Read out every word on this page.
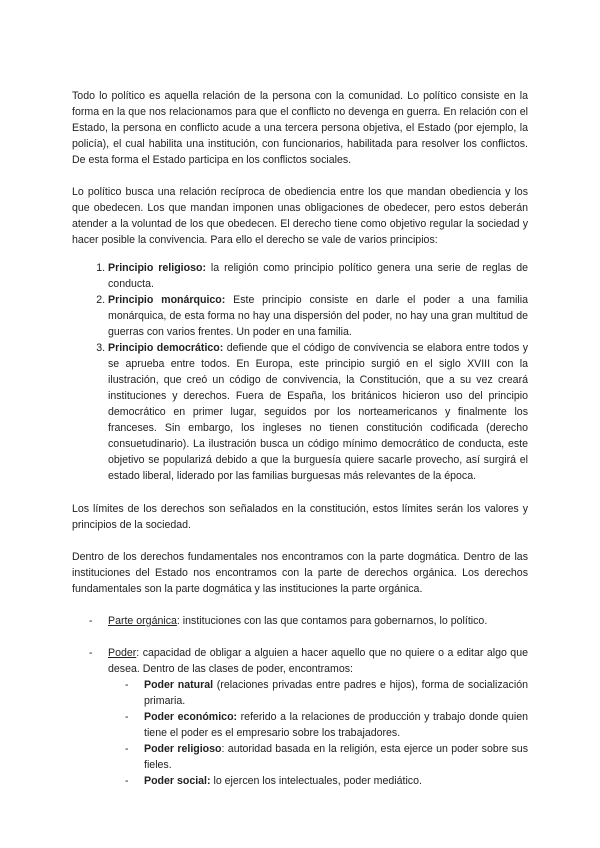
Todo lo político es aquella relación de la persona con la comunidad. Lo político consiste en la forma en la que nos relacionamos para que el conflicto no devenga en guerra. En relación con el Estado, la persona en conflicto acude a una tercera persona objetiva, el Estado (por ejemplo, la policía), el cual habilita una institución, con funcionarios, habilitada para resolver los conflictos. De esta forma el Estado participa en los conflictos sociales.

Lo político busca una relación recíproca de obediencia entre los que mandan obediencia y los que obedecen. Los que mandan imponen unas obligaciones de obedecer, pero estos deberán atender a la voluntad de los que obedecen. El derecho tiene como objetivo regular la sociedad y hacer posible la convivencia. Para ello el derecho se vale de varios principios:

1. Principio religioso: la religión como principio político genera una serie de reglas de conducta.
2. Principio monárquico: Este principio consiste en darle el poder a una familia monárquica, de esta forma no hay una dispersión del poder, no hay una gran multitud de guerras con varios frentes. Un poder en una familia.
3. Principio democrático: defiende que el código de convivencia se elabora entre todos y se aprueba entre todos. En Europa, este principio surgió en el siglo XVIII con la ilustración, que creó un código de convivencia, la Constitución, que a su vez creará instituciones y derechos. Fuera de España, los británicos hicieron uso del principio democrático en primer lugar, seguidos por los norteamericanos y finalmente los franceses. Sin embargo, los ingleses no tienen constitución codificada (derecho consuetudinario). La ilustración busca un código mínimo democrático de conducta, este objetivo se popularizá debido a que la burguesía quiere sacarle provecho, así surgirá el estado liberal, liderado por las familias burguesas más relevantes de la época.

Los límites de los derechos son señalados en la constitución, estos límites serán los valores y principios de la sociedad.

Dentro de los derechos fundamentales nos encontramos con la parte dogmática. Dentro de las instituciones del Estado nos encontramos con la parte de derechos orgánica. Los derechos fundamentales son la parte dogmática y las instituciones la parte orgánica.

- Parte orgánica: instituciones con las que contamos para gobernarnos, lo político.
- Poder: capacidad de obligar a alguien a hacer aquello que no quiere o a editar algo que desea. Dentro de las clases de poder, encontramos:
- Poder natural (relaciones privadas entre padres e hijos), forma de socialización primaria.
- Poder económico: referido a la relaciones de producción y trabajo donde quien tiene el poder es el empresario sobre los trabajadores.
- Poder religioso: autoridad basada en la religión, esta ejerce un poder sobre sus fieles.
- Poder social: lo ejercen los intelectuales, poder mediático.
